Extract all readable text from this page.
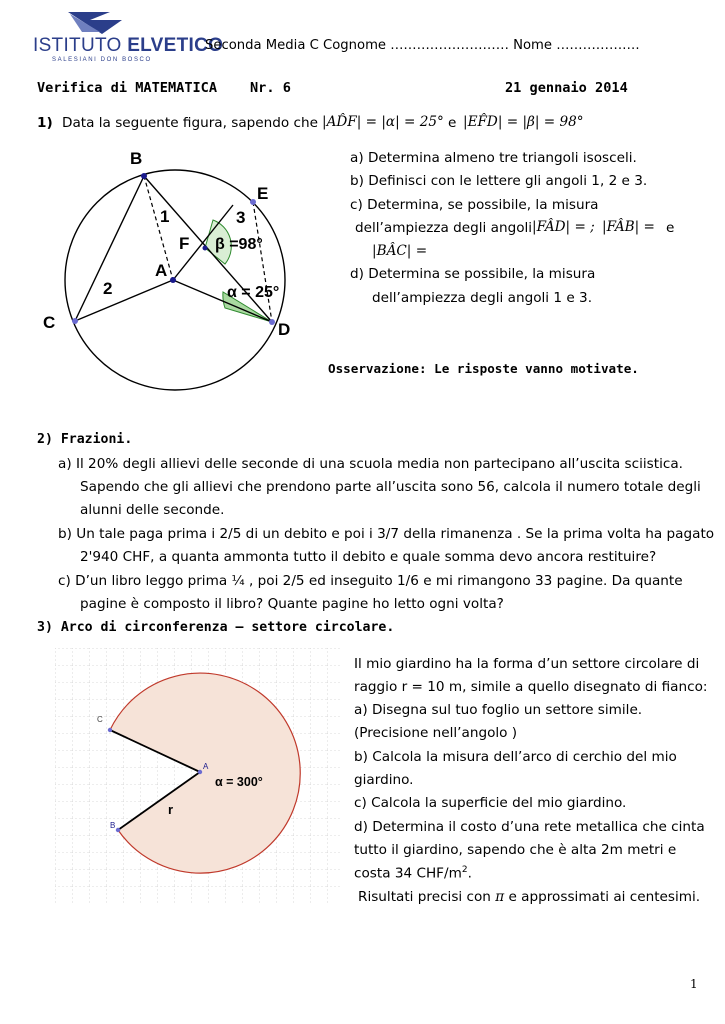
ISTITUTO ELVETICO
SALESIANI DON BOSCO
Seconda Media C Cognome ……………………… Nome ……………….
Verifica di MATEMATICA Nr. 6	21 gennaio 2014
1) Data la seguente figura, sapendo che |AD̂F| = |α| = 25° e |EF̂D| = |β| = 98°
B
E
C	D
A
F
1
2
3
β =98°
α = 25°
a) Determina almeno tre triangoli isosceli.
b) Definisci con le lettere gli angoli 1, 2 e 3.
c) Determina, se possibile, la misura
dell’ampiezza degli angoli |FÂD| = ; |FÂB| = e
|BÂC| =
d) Determina se possibile, la misura
dell’ampiezza degli angoli 1 e 3.
Osservazione: Le risposte vanno motivate.
2) Frazioni.
a) Il 20% degli allievi delle seconde di una scuola media non partecipano all’uscita sciistica.
Sapendo che gli allievi che prendono parte all’uscita sono 56, calcola il numero totale degli
alunni delle seconde.
b) Un tale paga prima i 2/5 di un debito e poi i 3/7 della rimanenza . Se la prima volta ha pagato
2'940 CHF, a quanta ammonta tutto il debito e quale somma devo ancora restituire?
c) D’un libro leggo prima ¼ , poi 2/5 ed inseguito 1/6 e mi rimangono 33 pagine. Da quante
pagine è composto il libro? Quante pagine ho letto ogni volta?
3) Arco di circonferenza – settore circolare.
C
A
B
α = 300°
r
Il mio giardino ha la forma d’un settore circolare di
raggio r = 10 m, simile a quello disegnato di fianco:
a) Disegna sul tuo foglio un settore simile.
(Precisione nell’angolo )
b) Calcola la misura dell’arco di cerchio del mio
giardino.
c) Calcola la superficie del mio giardino.
d) Determina il costo d’una rete metallica che cinta
tutto il giardino, sapendo che è alta 2m metri e
costa 34 CHF/$m^2$.
Risultati precisi con π e approssimati ai centesimi.
1
